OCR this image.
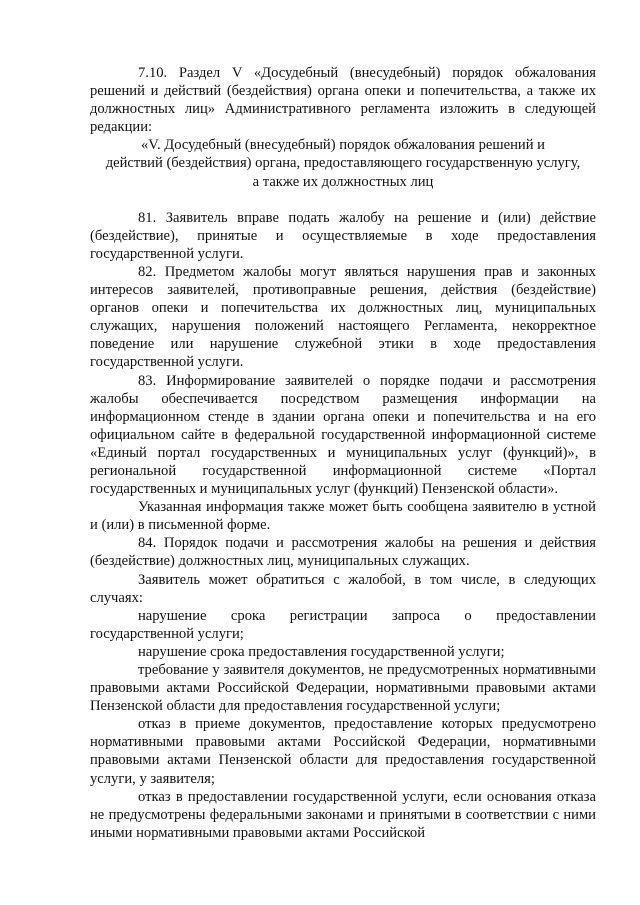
7.10. Раздел V «Досудебный (внесудебный) порядок обжалования решений и действий (бездействия) органа опеки и попечительства, а также их должностных лиц» Административного регламента изложить в следующей редакции:

«V. Досудебный (внесудебный) порядок обжалования решений и

действий (бездействия) органа, предоставляющего государственную услугу,

а также их должностных лиц

81. Заявитель вправе подать жалобу на решение и (или) действие (бездействие), принятые и осуществляемые в ходе предоставления государственной услуги.

82. Предметом жалобы могут являться нарушения прав и законных интересов заявителей, противоправные решения, действия (бездействие) органов опеки и попечительства их должностных лиц, муниципальных служащих, нарушения положений настоящего Регламента, некорректное поведение или нарушение служебной этики в ходе предоставления государственной услуги.

83. Информирование заявителей о порядке подачи и рассмотрения жалобы обеспечивается посредством размещения информации на информационном стенде в здании органа опеки и попечительства и на его официальном сайте в федеральной государственной информационной системе «Единый портал государственных и муниципальных услуг (функций)», в региональной государственной информационной системе «Портал государственных и муниципальных услуг (функций) Пензенской области».

Указанная информация также может быть сообщена заявителю в устной и (или) в письменной форме.

84. Порядок подачи и рассмотрения жалобы на решения и действия (бездействие) должностных лиц, муниципальных служащих.

Заявитель может обратиться с жалобой, в том числе, в следующих случаях:

нарушение срока регистрации запроса о предоставлении государственной услуги;

нарушение срока предоставления государственной услуги;

требование у заявителя документов, не предусмотренных нормативными правовыми актами Российской Федерации, нормативными правовыми актами Пензенской области для предоставления государственной услуги;

отказ в приеме документов, предоставление которых предусмотрено нормативными правовыми актами Российской Федерации, нормативными правовыми актами Пензенской области для предоставления государственной услуги, у заявителя;

отказ в предоставлении государственной услуги, если основания отказа не предусмотрены федеральными законами и принятыми в соответствии с ними иными нормативными правовыми актами Российской
